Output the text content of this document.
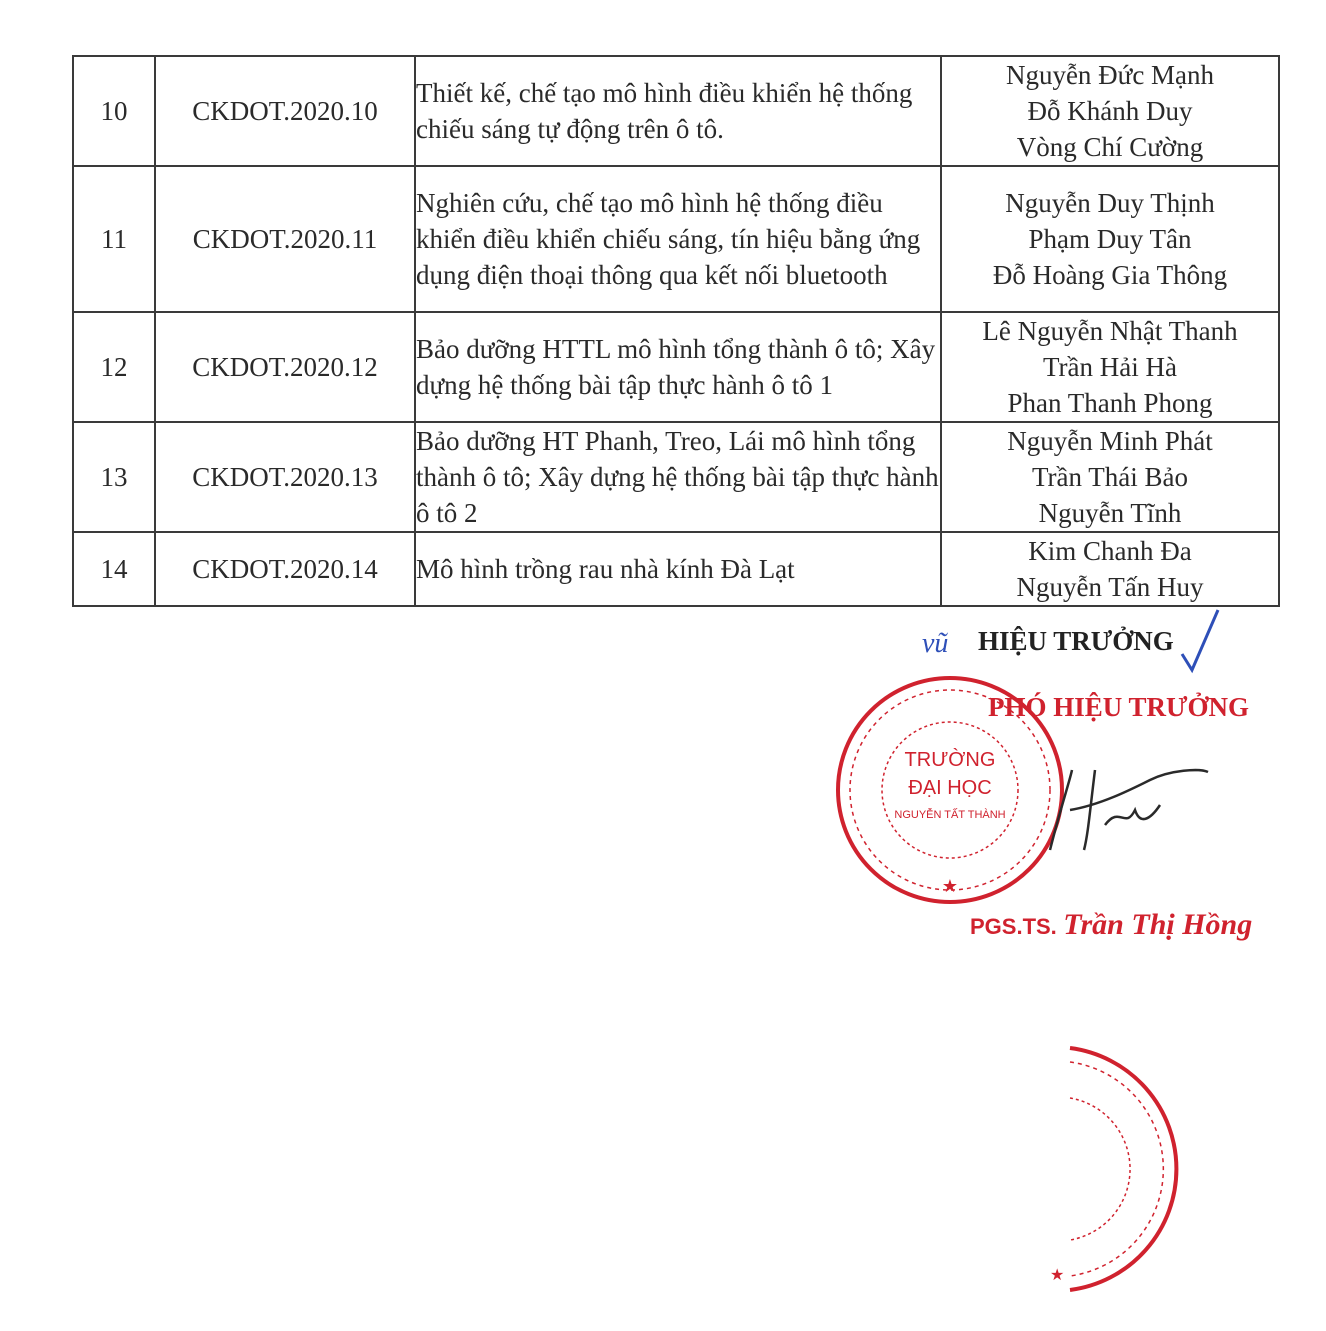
10	CKDOT.2020.10	Thiết kế, chế tạo mô hình điều khiển hệ thống chiếu sáng tự động trên ô tô.	Nguyễn Đức Mạnh
Đỗ Khánh Duy
Vòng Chí Cường

11	CKDOT.2020.11	Nghiên cứu, chế tạo mô hình hệ thống điều khiển điều khiển chiếu sáng, tín hiệu bằng ứng dụng điện thoại thông qua kết nối bluetooth	Nguyễn Duy Thịnh
Phạm Duy Tân
Đỗ Hoàng Gia Thông

12	CKDOT.2020.12	Bảo dưỡng HTTL mô hình tổng thành ô tô; Xây dựng hệ thống bài tập thực hành ô tô 1	Lê Nguyễn Nhật Thanh
Trần Hải Hà
Phan Thanh Phong

13	CKDOT.2020.13	Bảo dưỡng HT Phanh, Treo, Lái mô hình tổng thành ô tô; Xây dựng hệ thống bài tập thực hành ô tô 2	Nguyễn Minh Phát
Trần Thái Bảo
Nguyễn Tĩnh

14	CKDOT.2020.14	Mô hình trồng rau nhà kính Đà Lạt	Kim Chanh Đa
Nguyễn Tấn Huy
TRƯỜNG
ĐẠI HỌC
NGUYỄN TẤT THÀNH
★
vũ HIỆU TRƯỞNG
PHÓ HIỆU TRƯỞNG
PGS.TS. Trần Thị Hồng
★
